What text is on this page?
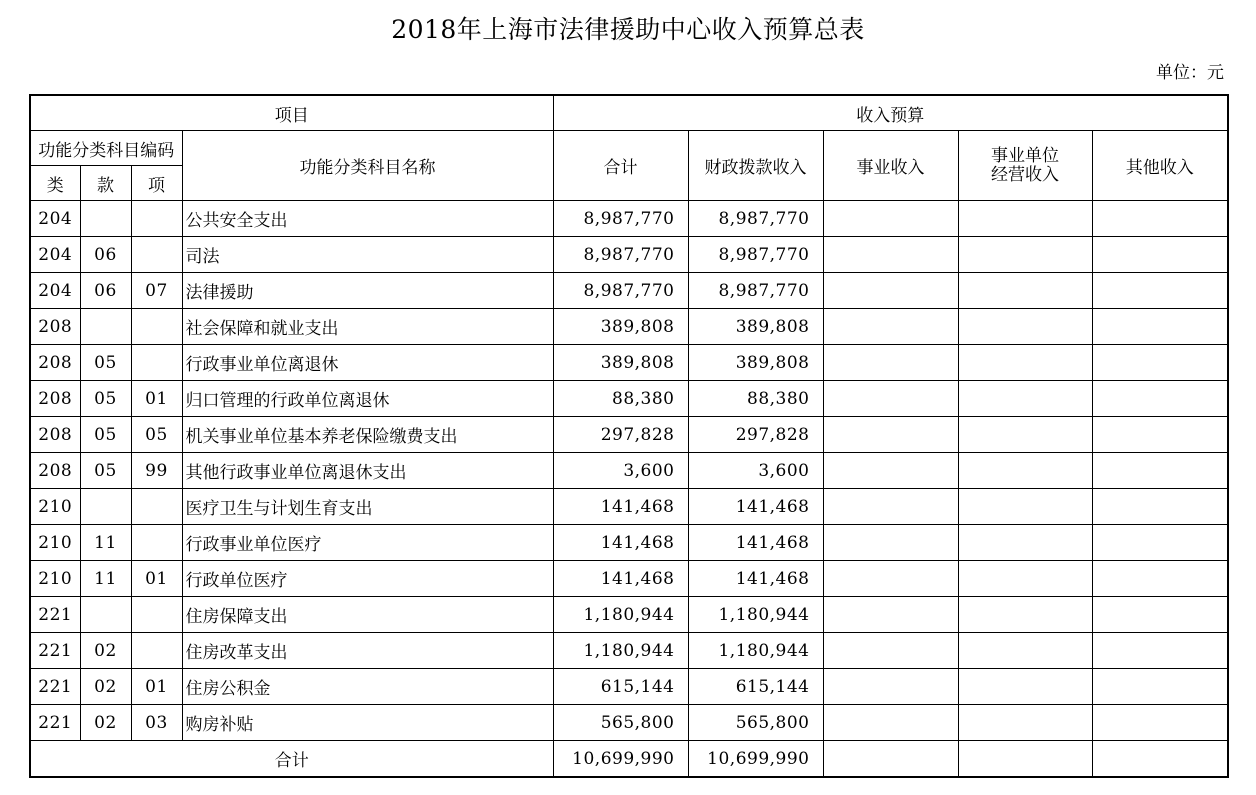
2018年上海市法律援助中心收入预算总表
单位：元
项目				收入预算				
功能分类科目编码			功能分类科目名称	合计	财政拨款收入	事业收入	事业单位
经营收入	其他收入
类	款	项						
204			公共安全支出	8,987,770	8,987,770			
204	06		司法	8,987,770	8,987,770			
204	06	07	法律援助	8,987,770	8,987,770			
208			社会保障和就业支出	389,808	389,808			
208	05		行政事业单位离退休	389,808	389,808			
208	05	01	归口管理的行政单位离退休	88,380	88,380			
208	05	05	机关事业单位基本养老保险缴费支出	297,828	297,828			
208	05	99	其他行政事业单位离退休支出	3,600	3,600			
210			医疗卫生与计划生育支出	141,468	141,468			
210	11		行政事业单位医疗	141,468	141,468			
210	11	01	行政单位医疗	141,468	141,468			
221			住房保障支出	1,180,944	1,180,944			
221	02		住房改革支出	1,180,944	1,180,944			
221	02	01	住房公积金	615,144	615,144			
221	02	03	购房补贴	565,800	565,800			
合计				10,699,990	10,699,990			
